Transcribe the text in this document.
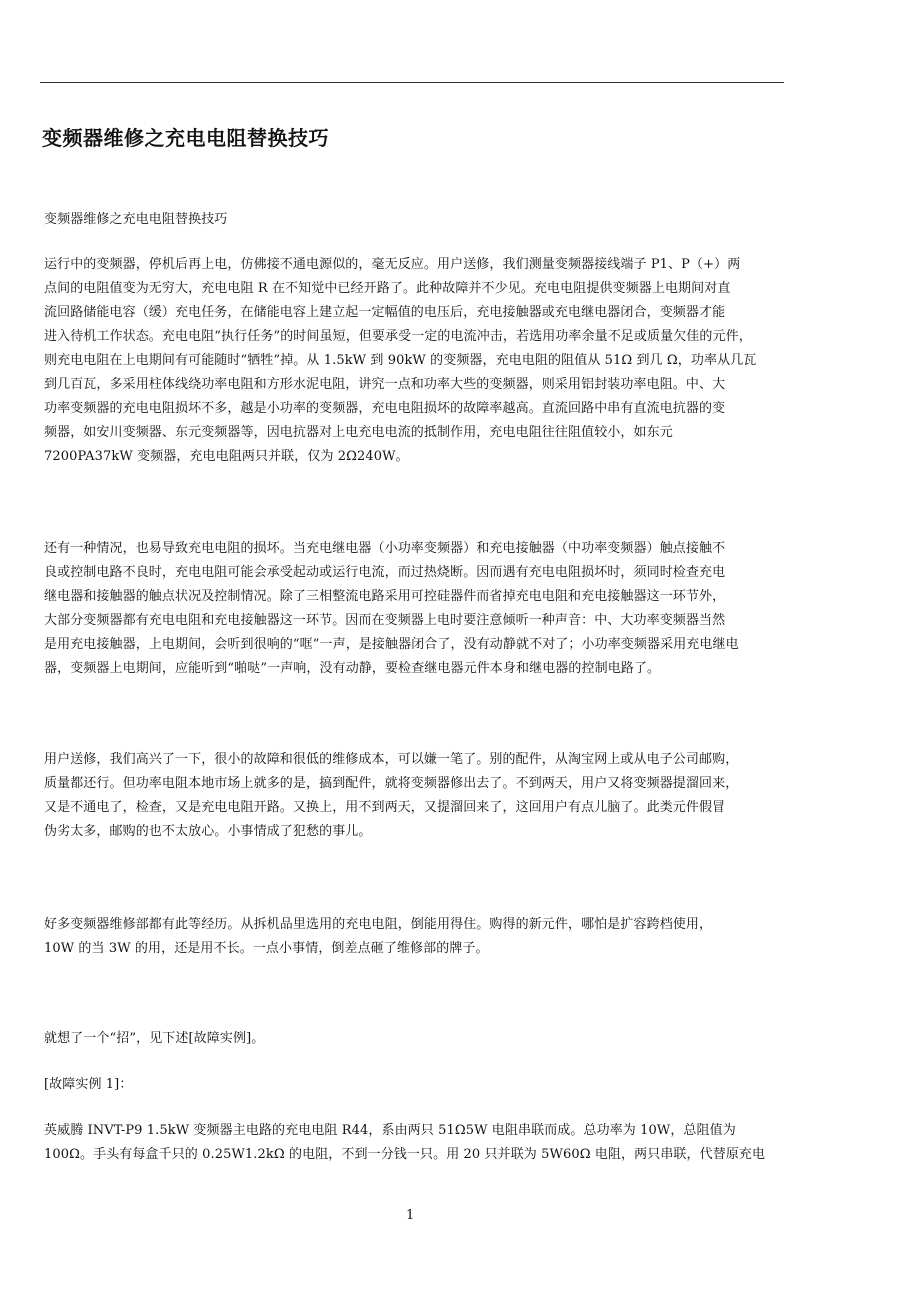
变频器维修之充电电阻替换技巧
变频器维修之充电电阻替换技巧
运行中的变频器，停机后再上电，仿佛接不通电源似的，毫无反应。用户送修，我们测量变频器接线端子 P1、P（+）两
点间的电阻值变为无穷大，充电电阻 R 在不知觉中已经开路了。此种故障并不少见。充电电阻提供变频器上电期间对直
流回路储能电容（缓）充电任务，在储能电容上建立起一定幅值的电压后，充电接触器或充电继电器闭合，变频器才能
进入待机工作状态。充电电阻“执行任务”的时间虽短，但要承受一定的电流冲击，若选用功率余量不足或质量欠佳的元件，
则充电电阻在上电期间有可能随时“牺牲”掉。从 1.5kW 到 90kW 的变频器，充电电阻的阻值从 51Ω 到几 Ω，功率从几瓦
到几百瓦，多采用柱体线绕功率电阻和方形水泥电阻，讲究一点和功率大些的变频器，则采用铝封装功率电阻。中、大
功率变频器的充电电阻损坏不多，越是小功率的变频器，充电电阻损坏的故障率越高。直流回路中串有直流电抗器的变
频器，如安川变频器、东元变频器等，因电抗器对上电充电电流的抵制作用，充电电阻往往阻值较小，如东元
7200PA37kW 变频器，充电电阻两只并联，仅为 2Ω240W。
还有一种情况，也易导致充电电阻的损坏。当充电继电器（小功率变频器）和充电接触器（中功率变频器）触点接触不
良或控制电路不良时，充电电阻可能会承受起动或运行电流，而过热烧断。因而遇有充电电阻损坏时，须同时检查充电
继电器和接触器的触点状况及控制情况。除了三相整流电路采用可控硅器件而省掉充电电阻和充电接触器这一环节外，
大部分变频器都有充电电阻和充电接触器这一环节。因而在变频器上电时要注意倾听一种声音：中、大功率变频器当然
是用充电接触器，上电期间，会听到很响的“哐”一声，是接触器闭合了，没有动静就不对了；小功率变频器采用充电继电
器，变频器上电期间，应能听到“啪哒”一声响，没有动静，要检查继电器元件本身和继电器的控制电路了。
用户送修，我们高兴了一下，很小的故障和很低的维修成本，可以嫌一笔了。别的配件，从淘宝网上或从电子公司邮购，
质量都还行。但功率电阻本地市场上就多的是，搞到配件，就将变频器修出去了。不到两天，用户又将变频器提溜回来，
又是不通电了，检查，又是充电电阻开路。又换上，用不到两天，又提溜回来了，这回用户有点儿脑了。此类元件假冒
伪劣太多，邮购的也不太放心。小事情成了犯愁的事儿。
好多变频器维修部都有此等经历。从拆机品里选用的充电电阻，倒能用得住。购得的新元件，哪怕是扩容跨档使用，
10W 的当 3W 的用，还是用不长。一点小事情，倒差点砸了维修部的牌子。
就想了一个“招”，见下述[故障实例]。
[故障实例 1]：
英威腾 INVT-P9 1.5kW 变频器主电路的充电电阻 R44，系由两只 51Ω5W 电阻串联而成。总功率为 10W，总阻值为
100Ω。手头有每盒千只的 0.25W1.2kΩ 的电阻，不到一分钱一只。用 20 只并联为 5W60Ω 电阻，两只串联，代替原充电
1
